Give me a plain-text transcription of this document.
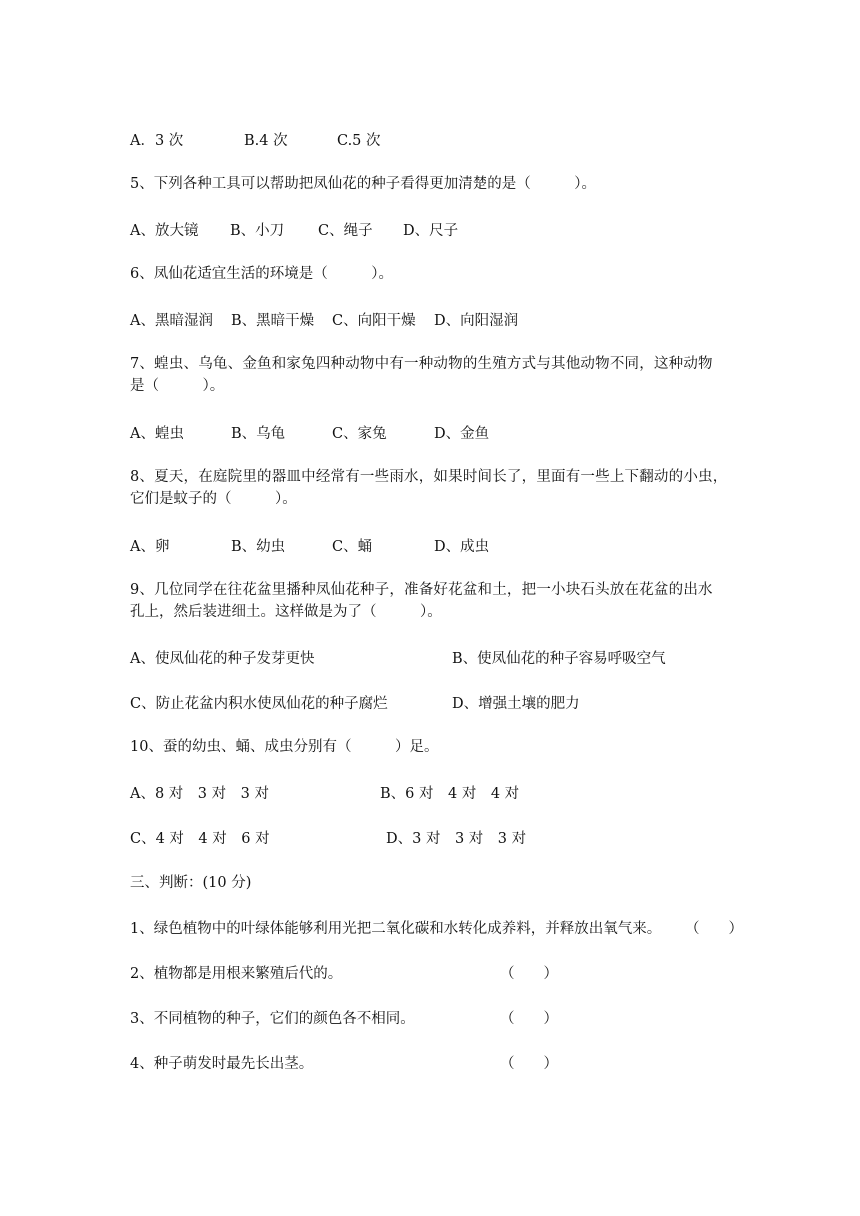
A．3 次	B.4 次	C.5 次
5、下列各种工具可以帮助把凤仙花的种子看得更加清楚的是（　　　）。
A、放大镜 B、小刀 C、绳子 D、尺子
6、凤仙花适宜生活的环境是（　　　）。
A、黑暗湿润 B、黑暗干燥 C、向阳干燥 D、向阳湿润
7、蝗虫、乌龟、金鱼和家兔四种动物中有一种动物的生殖方式与其他动物不同，这种动物
是（　　　）。
A、蝗虫	B、乌龟	C、家兔	D、金鱼
8、夏天，在庭院里的器皿中经常有一些雨水，如果时间长了，里面有一些上下翻动的小虫，
它们是蚊子的（　　　）。
A、卵	B、幼虫	C、蛹	D、成虫
9、几位同学在往花盆里播种凤仙花种子，准备好花盆和土，把一小块石头放在花盆的出水
孔上，然后装进细土。这样做是为了（　　　）。
A、使凤仙花的种子发芽更快	B、使凤仙花的种子容易呼吸空气
C、防止花盆内积水使凤仙花的种子腐烂	D、增强土壤的肥力
10、蚕的幼虫、蛹、成虫分别有（　　　）足。
A、8 对　3 对　3 对	B、6 对　4 对　4 对
C、4 对　4 对　6 对	D、3 对　3 对　3 对
三、判断：(10 分)
1、绿色植物中的叶绿体能够利用光把二氧化碳和水转化成养料，并释放出氧气来。 （　　）
2、植物都是用根来繁殖后代的。	（　　）
3、不同植物的种子，它们的颜色各不相同。	（　　）
4、种子萌发时最先长出茎。	（　　）
